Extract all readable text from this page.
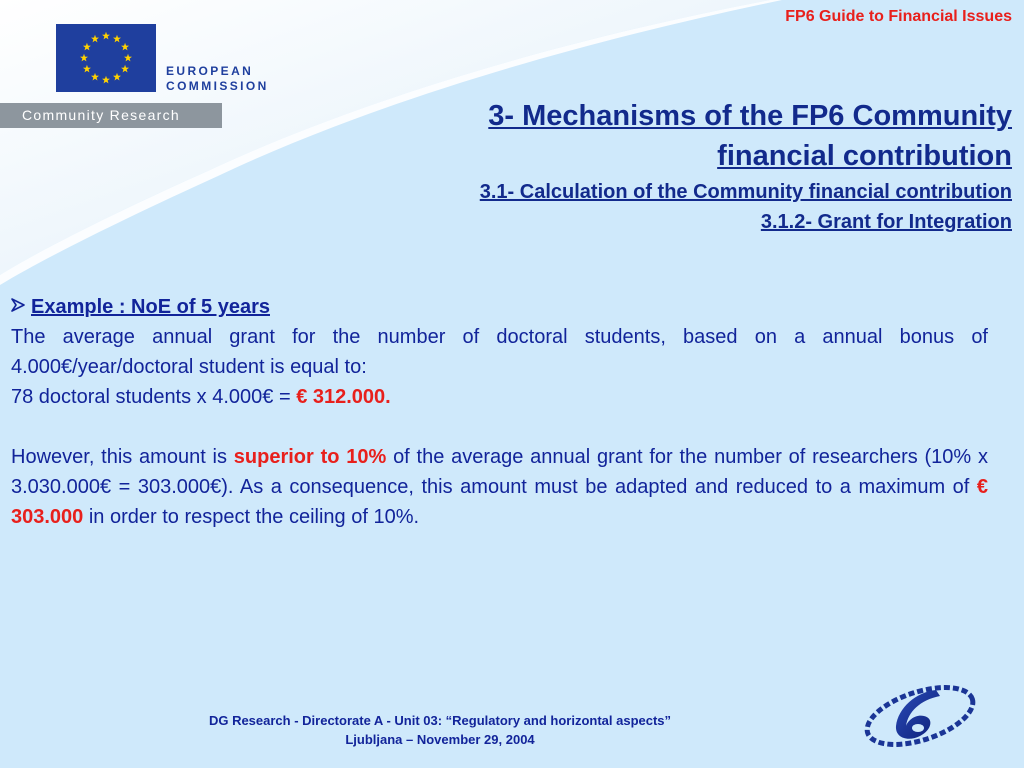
FP6 Guide to Financial Issues
EUROPEAN
COMMISSION
Community Research	3- Mechanisms of the FP6 Community
financial contribution
3.1- Calculation of the Community financial contribution
3.1.2- Grant for Integration

Example : NoE of 5 years

The average annual grant for the number of doctoral students, based on a annual bonus of 4.000€/year/doctoral student is equal to:

78 doctoral students x 4.000€ = € 312.000.

However, this amount is superior to 10% of the average annual grant for the number of researchers (10% x 3.030.000€ = 303.000€). As a consequence, this amount must be adapted and reduced to a maximum of € 303.000 in order to respect the ceiling of 10%.

DG Research - Directorate A - Unit 03: “Regulatory and horizontal aspects”
Ljubljana – November 29, 2004
